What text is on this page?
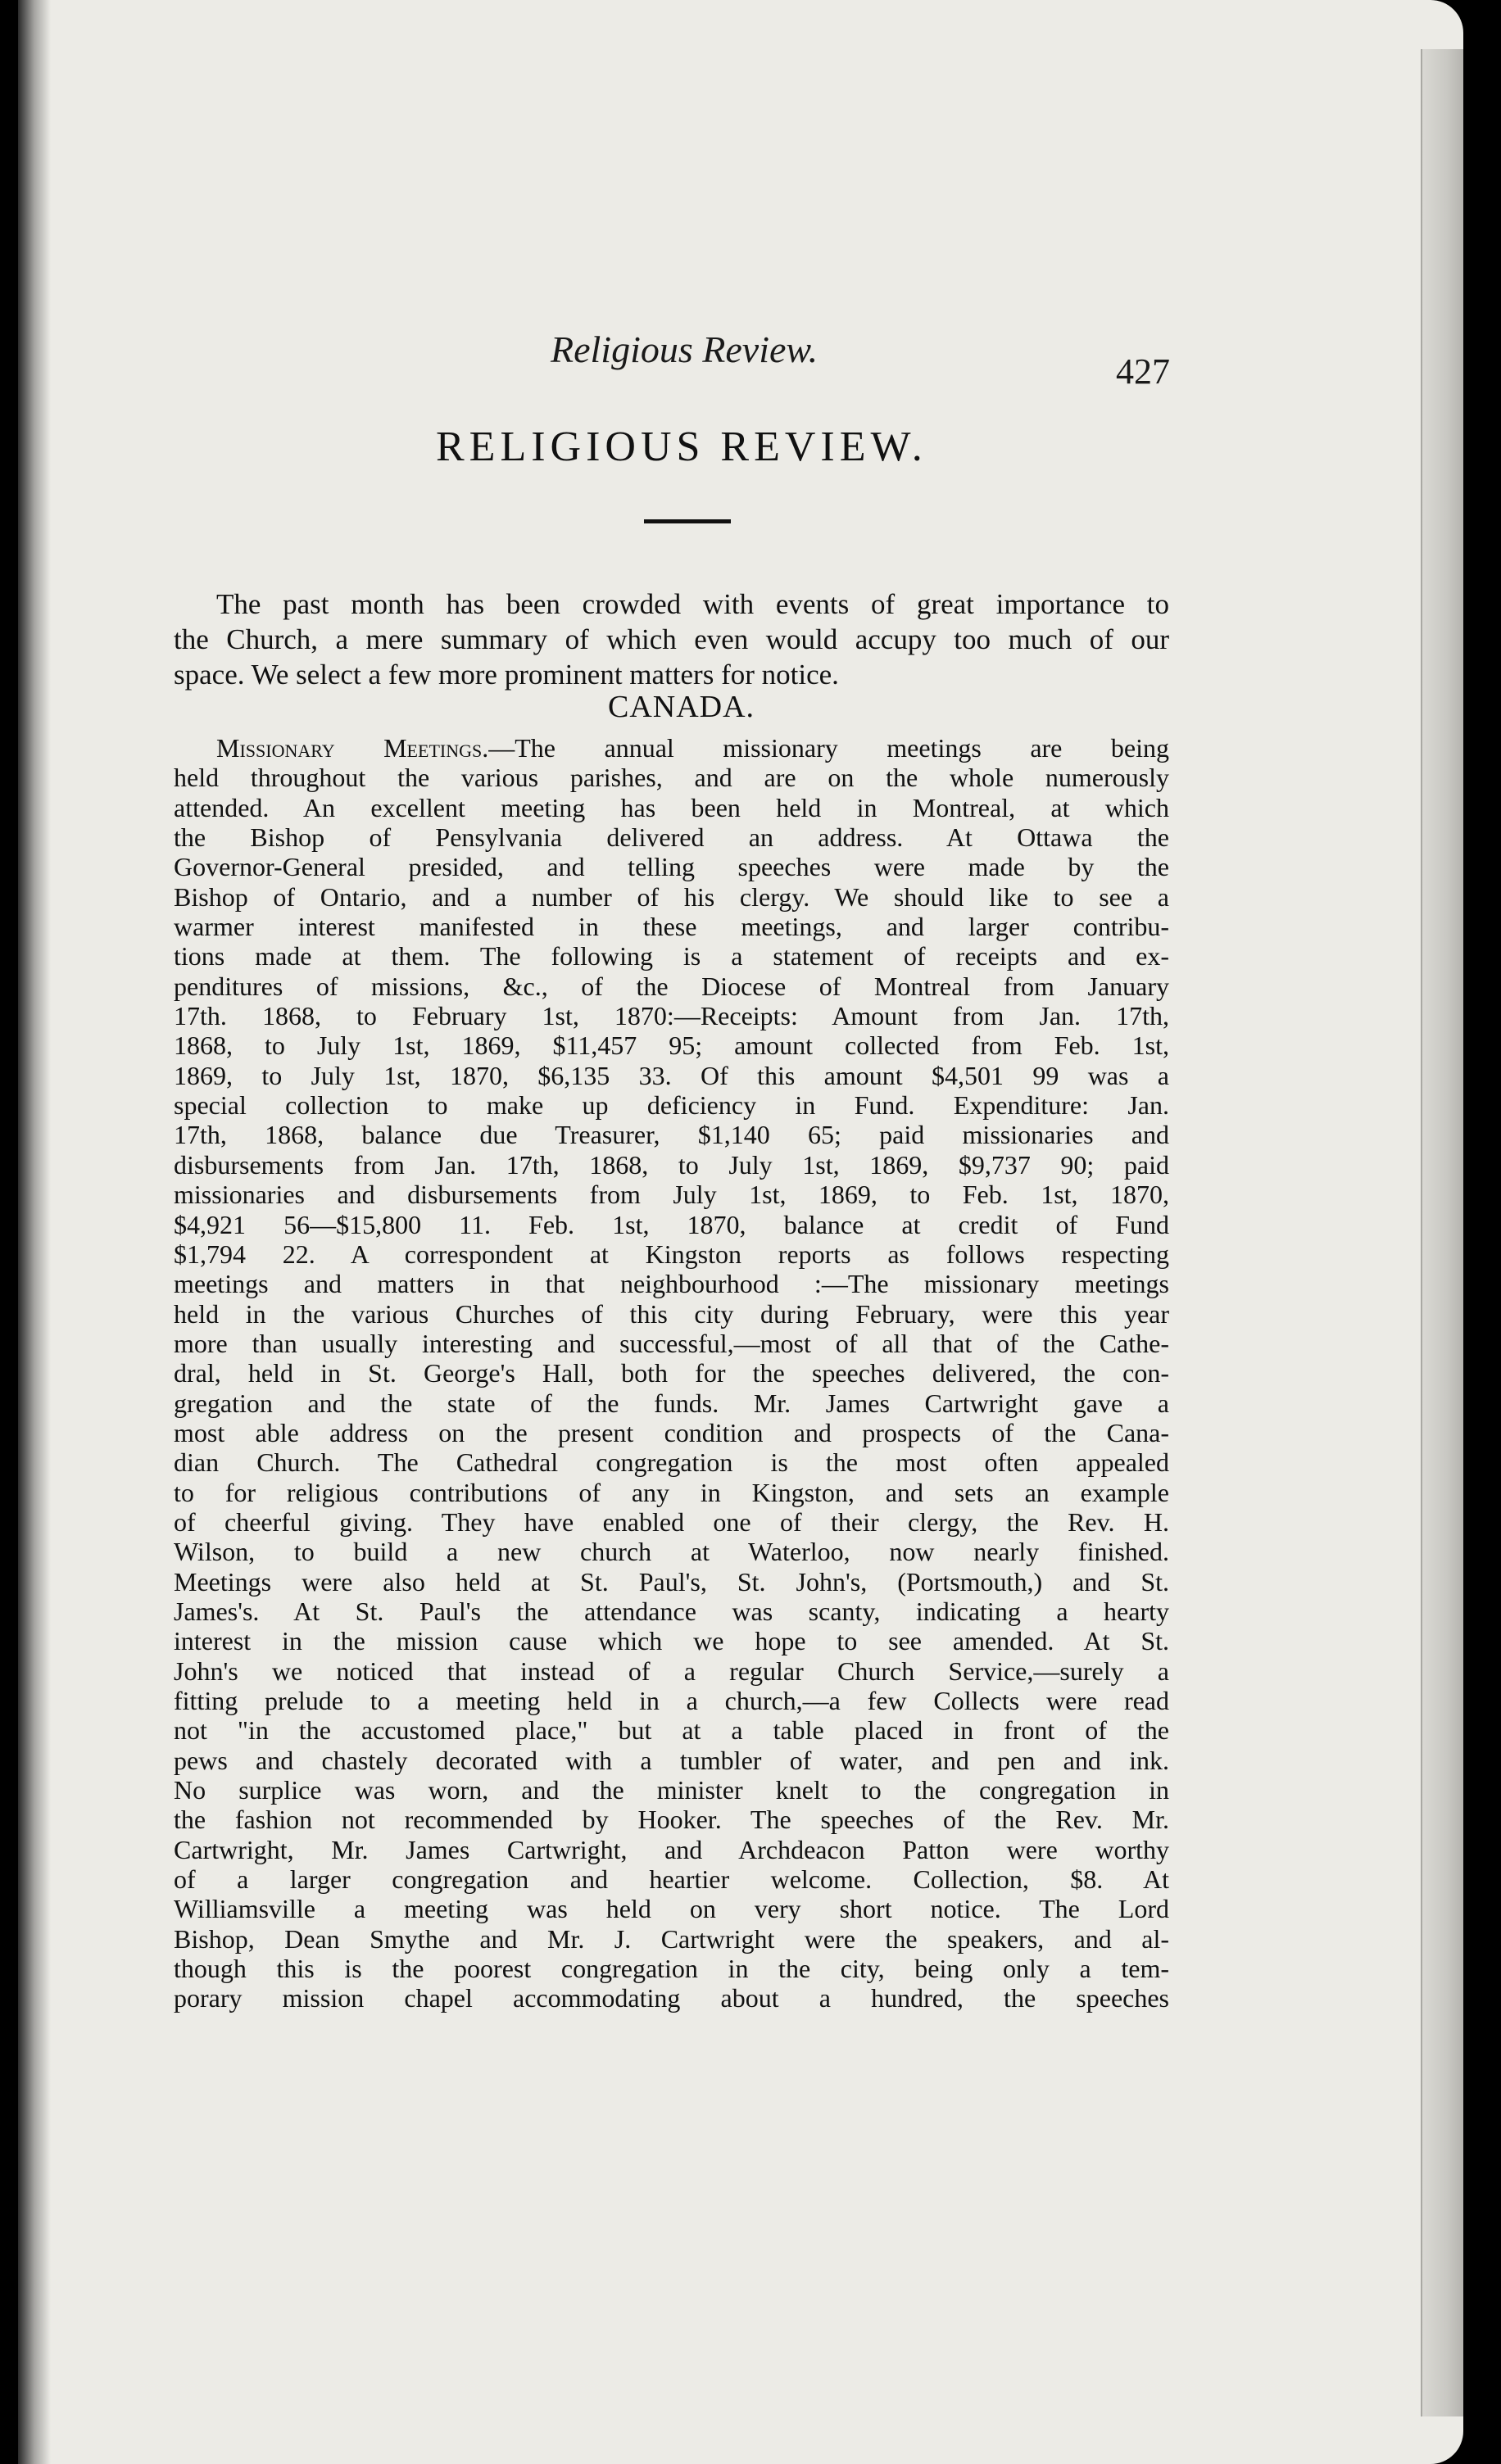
Religious Review.
427
RELIGIOUS REVIEW.
The past month has been crowded with events of great importance to
the Church, a mere summary of which even would accupy too much of our
space. We select a few more prominent matters for notice.
CANADA.
Missionary Meetings.—The annual missionary meetings are being
held throughout the various parishes, and are on the whole numerously
attended. An excellent meeting has been held in Montreal, at which
the Bishop of Pensylvania delivered an address. At Ottawa the
Governor-General presided, and telling speeches were made by the
Bishop of Ontario, and a number of his clergy. We should like to see a
warmer interest manifested in these meetings, and larger contribu-
tions made at them. The following is a statement of receipts and ex-
penditures of missions, &c., of the Diocese of Montreal from January
17th. 1868, to February 1st, 1870:—Receipts: Amount from Jan. 17th,
1868, to July 1st, 1869, $11,457 95; amount collected from Feb. 1st,
1869, to July 1st, 1870, $6,135 33. Of this amount $4,501 99 was a
special collection to make up deficiency in Fund. Expenditure: Jan.
17th, 1868, balance due Treasurer, $1,140 65; paid missionaries and
disbursements from Jan. 17th, 1868, to July 1st, 1869, $9,737 90; paid
missionaries and disbursements from July 1st, 1869, to Feb. 1st, 1870,
$4,921 56—$15,800 11. Feb. 1st, 1870, balance at credit of Fund
$1,794 22. A correspondent at Kingston reports as follows respecting
meetings and matters in that neighbourhood :—The missionary meetings
held in the various Churches of this city during February, were this year
more than usually interesting and successful,—most of all that of the Cathe-
dral, held in St. George's Hall, both for the speeches delivered, the con-
gregation and the state of the funds. Mr. James Cartwright gave a
most able address on the present condition and prospects of the Cana-
dian Church. The Cathedral congregation is the most often appealed
to for religious contributions of any in Kingston, and sets an example
of cheerful giving. They have enabled one of their clergy, the Rev. H.
Wilson, to build a new church at Waterloo, now nearly finished.
Meetings were also held at St. Paul's, St. John's, (Portsmouth,) and St.
James's. At St. Paul's the attendance was scanty, indicating a hearty
interest in the mission cause which we hope to see amended. At St.
John's we noticed that instead of a regular Church Service,—surely a
fitting prelude to a meeting held in a church,—a few Collects were read
not "in the accustomed place," but at a table placed in front of the
pews and chastely decorated with a tumbler of water, and pen and ink.
No surplice was worn, and the minister knelt to the congregation in
the fashion not recommended by Hooker. The speeches of the Rev. Mr.
Cartwright, Mr. James Cartwright, and Archdeacon Patton were worthy
of a larger congregation and heartier welcome. Collection, $8. At
Williamsville a meeting was held on very short notice. The Lord
Bishop, Dean Smythe and Mr. J. Cartwright were the speakers, and al-
though this is the poorest congregation in the city, being only a tem-
porary mission chapel accommodating about a hundred, the speeches
